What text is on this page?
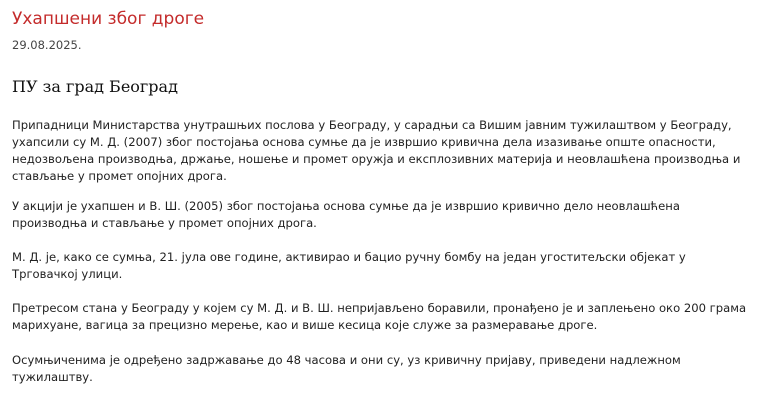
Ухапшени због дроге
29.08.2025.
ПУ за град Београд

Припадници Министарства унутрашњих послова у Београду, у сарадњи са Вишим јавним тужилаштвом у Београду, ухапсили су М. Д. (2007) због постојања основа сумње да је извршио кривична дела изазивање опште опасности, недозвољена производња, држање, ношење и промет оружја и експлозивних материја и неовлашћена производња и стављање у промет опојних дрога.

У акцији је ухапшен и В. Ш. (2005) због постојања основа сумње да је извршио кривично дело неовлашћена производња и стављање у промет опојних дрога.

М. Д. је, како се сумња, 21. јула ове године, активирао и бацио ручну бомбу на један угоститељски објекат у Трговачкој улици.

Претресом стана у Београду у којем су М. Д. и В. Ш. непријављено боравили, пронађено је и заплењено око 200 грама марихуане, вагица за прецизно мерење, као и више кесица које служе за размеравање дроге.

Осумњиченима је одређено задржавање до 48 часова и они су, уз кривичну пријаву, приведени надлежном тужилаштву.
